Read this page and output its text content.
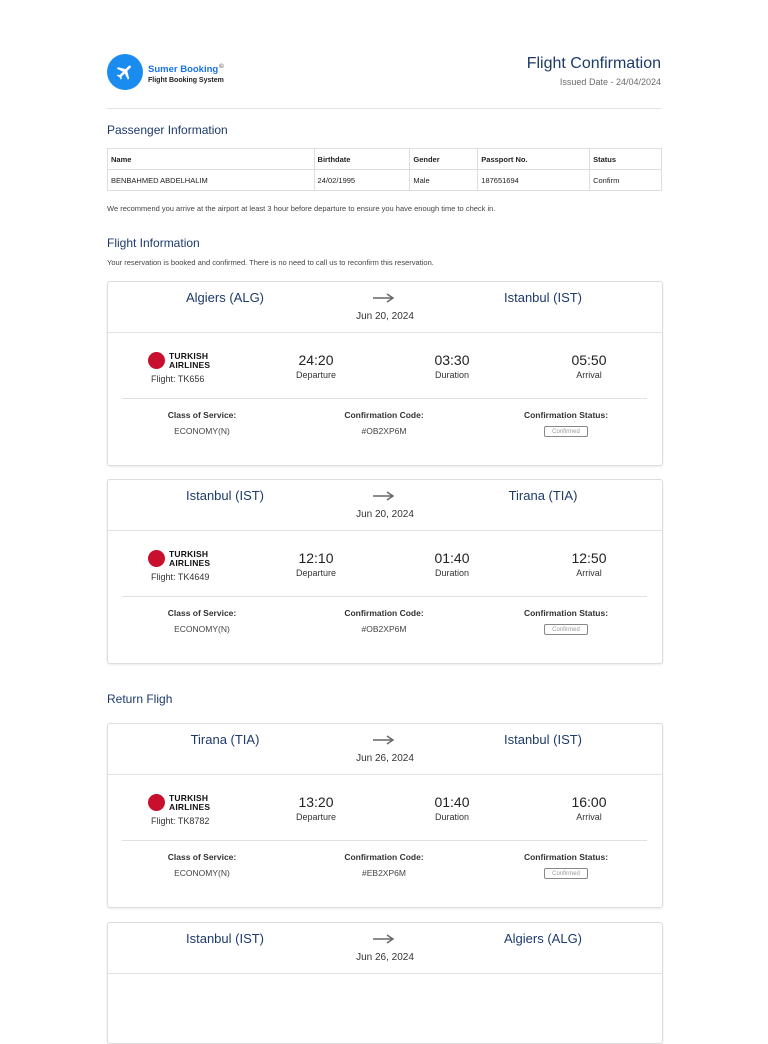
Sumer Booking©
Flight Booking System
Flight Confirmation
Issued Date - 24/04/2024
Passenger Information
Name	Birthdate	Gender	Passport No.	Status
BENBAHMED ABDELHALIM	24/02/1995	Male	187651694	Confirm
We recommend you arrive at the airport at least 3 hour before departure to ensure you have enough time to check in.
Flight Information
Your reservation is booked and confirmed. There is no need to call us to reconfirm this reservation.
Algiers (ALG)	Istanbul (IST)
Jun 20, 2024
TURKISH
AIRLINES
Flight: TK656
24:20
Departure
03:30
Duration
05:50
Arrival
Class of Service:
ECONOMY(N)
Confirmation Code:
#OB2XP6M
Confirmation Status:
Confirmed
Istanbul (IST)	Tirana (TIA)
Jun 20, 2024
TURKISH
AIRLINES
Flight: TK4649
12:10
Departure
01:40
Duration
12:50
Arrival
Class of Service:
ECONOMY(N)
Confirmation Code:
#OB2XP6M
Confirmation Status:
Confirmed
Return Fligh
Tirana (TIA)	Istanbul (IST)
Jun 26, 2024
TURKISH
AIRLINES
Flight: TK8782
13:20
Departure
01:40
Duration
16:00
Arrival
Class of Service:
ECONOMY(N)
Confirmation Code:
#EB2XP6M
Confirmation Status:
Confirmed
Istanbul (IST)	Algiers (ALG)
Jun 26, 2024
